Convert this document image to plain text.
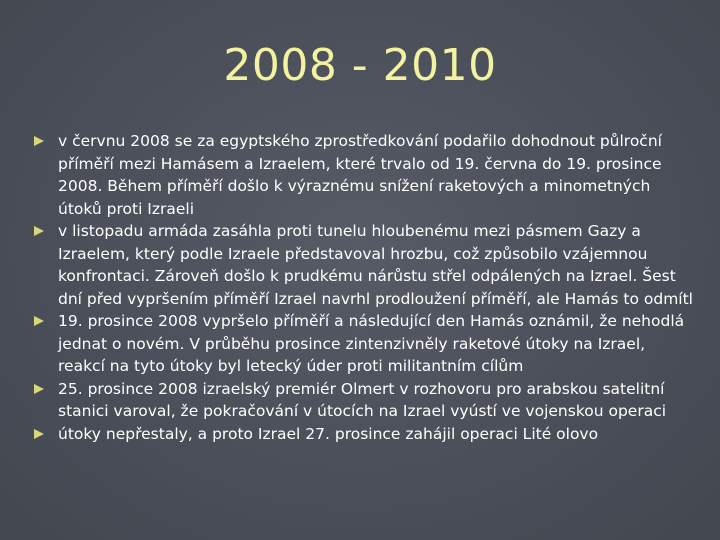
2008 - 2010
v červnu 2008 se za egyptského zprostředkování podařilo dohodnout půlroční příměří mezi Hamásem a Izraelem, které trvalo od 19. června do 19. prosince 2008. Během příměří došlo k výraznému snížení raketových a minometných útoků proti Izraeli
v listopadu armáda zasáhla proti tunelu hloubenému mezi pásmem Gazy a Izraelem, který podle Izraele představoval hrozbu, což způsobilo vzájemnou konfrontaci. Zároveň došlo k prudkému nárůstu střel odpálených na Izrael. Šest dní před vypršením příměří Izrael navrhl prodloužení příměří, ale Hamás to odmítl
19. prosince 2008 vypršelo příměří a následující den Hamás oznámil, že nehodlá jednat o novém. V průběhu prosince zintenzivněly raketové útoky na Izrael, reakcí na tyto útoky byl letecký úder proti militantním cílům
25. prosince 2008 izraelský premiér Olmert v rozhovoru pro arabskou satelitní stanici varoval, že pokračování v útocích na Izrael vyústí ve vojenskou operaci
útoky nepřestaly, a proto Izrael 27. prosince zahájil operaci Lité olovo
